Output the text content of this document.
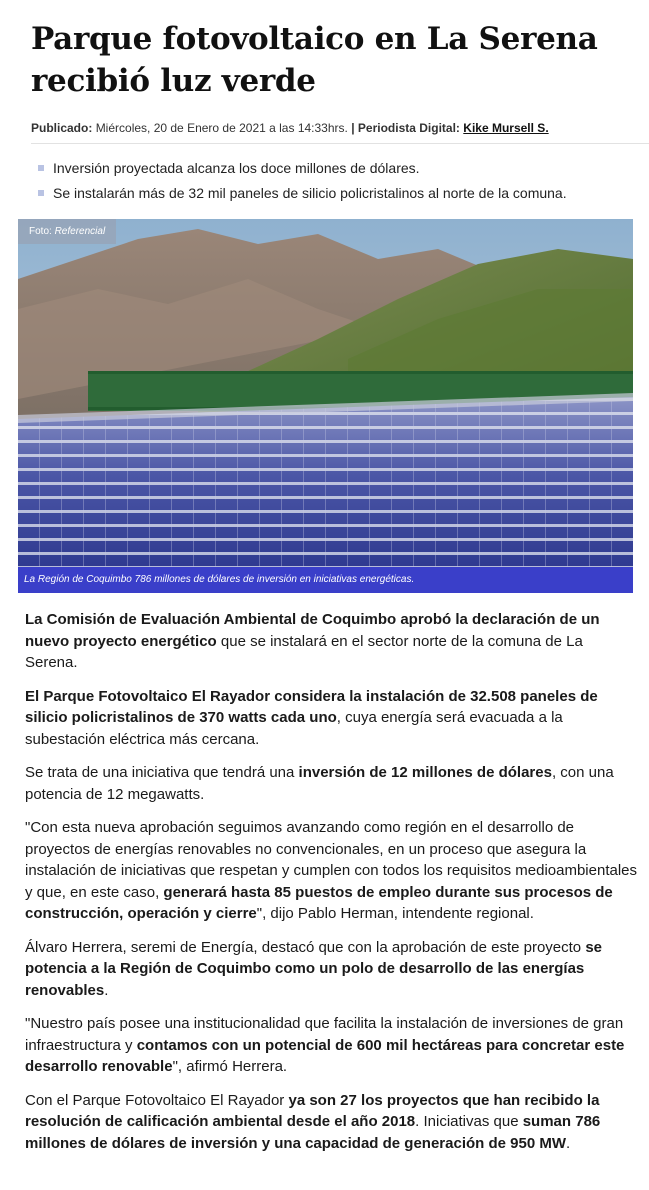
Parque fotovoltaico en La Serena recibió luz verde
Publicado: Miércoles, 20 de Enero de 2021 a las 14:33hrs. | Periodista Digital: Kike Mursell S.
Inversión proyectada alcanza los doce millones de dólares.
Se instalarán más de 32 mil paneles de silicio policristalinos al norte de la comuna.
Foto: Referencial
La Región de Coquimbo 786 millones de dólares de inversión en iniciativas energéticas.

La Comisión de Evaluación Ambiental de Coquimbo aprobó la declaración de un nuevo proyecto energético que se instalará en el sector norte de la comuna de La Serena.

El Parque Fotovoltaico El Rayador considera la instalación de 32.508 paneles de silicio policristalinos de 370 watts cada uno, cuya energía será evacuada a la subestación eléctrica más cercana.

Se trata de una iniciativa que tendrá una inversión de 12 millones de dólares, con una potencia de 12 megawatts.

"Con esta nueva aprobación seguimos avanzando como región en el desarrollo de proyectos de energías renovables no convencionales, en un proceso que asegura la instalación de iniciativas que respetan y cumplen con todos los requisitos medioambientales y que, en este caso, generará hasta 85 puestos de empleo durante sus procesos de construcción, operación y cierre", dijo Pablo Herman, intendente regional.

Álvaro Herrera, seremi de Energía, destacó que con la aprobación de este proyecto se potencia a la Región de Coquimbo como un polo de desarrollo de las energías renovables.

"Nuestro país posee una institucionalidad que facilita la instalación de inversiones de gran infraestructura y contamos con un potencial de 600 mil hectáreas para concretar este desarrollo renovable", afirmó Herrera.

Con el Parque Fotovoltaico El Rayador ya son 27 los proyectos que han recibido la resolución de calificación ambiental desde el año 2018. Iniciativas que suman 786 millones de dólares de inversión y una capacidad de generación de 950 MW.
